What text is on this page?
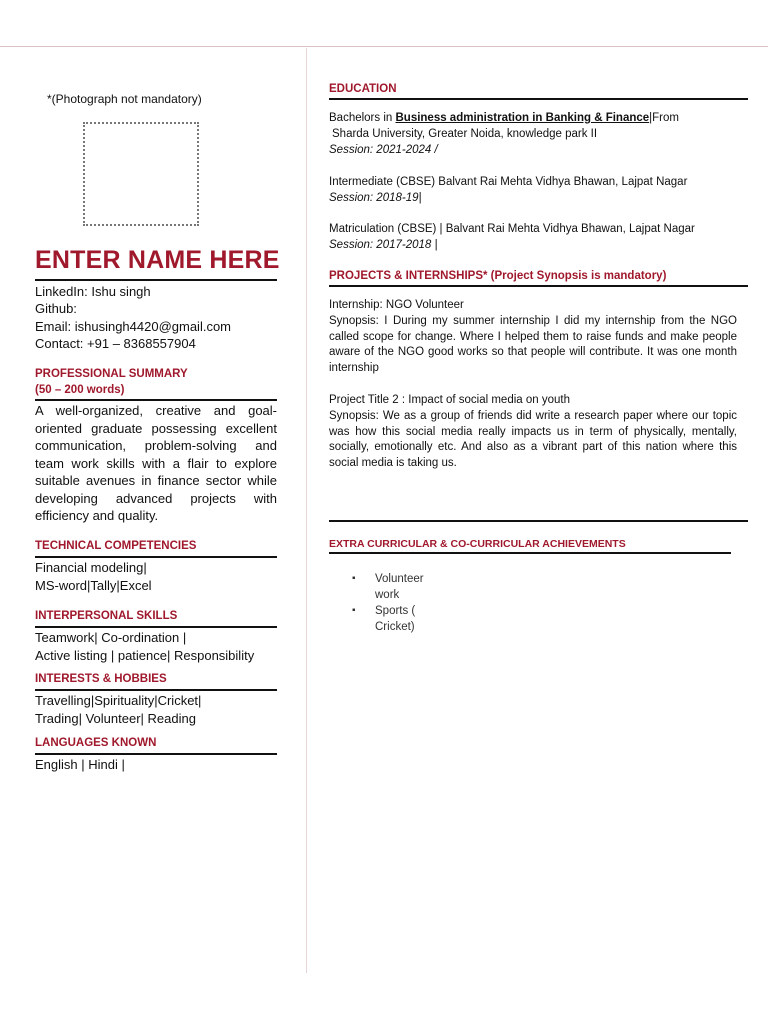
*(Photograph not mandatory)
ENTER NAME HERE
LinkedIn: Ishu singh
Github:
Email: ishusingh4420@gmail.com
Contact: +91 – 8368557904
PROFESSIONAL SUMMARY
(50 – 200 words)
A well-organized, creative and goal-oriented graduate possessing excellent communication, problem-solving and team work skills with a flair to explore suitable avenues in finance sector while developing advanced projects with efficiency and quality.
TECHNICAL COMPETENCIES
Financial modeling|
MS-word|Tally|Excel
INTERPERSONAL SKILLS
Teamwork| Co-ordination |
Active listing | patience| Responsibility
INTERESTS & HOBBIES
Travelling|Spirituality|Cricket|
Trading| Volunteer| Reading
LANGUAGES KNOWN
English | Hindi |
EDUCATION
Bachelors in Business administration in Banking & Finance|From
Sharda University, Greater Noida, knowledge park II
Session: 2021-2024 /
Intermediate (CBSE) Balvant Rai Mehta Vidhya Bhawan, Lajpat Nagar
Session: 2018-19|
Matriculation (CBSE) | Balvant Rai Mehta Vidhya Bhawan, Lajpat Nagar
Session: 2017-2018 |
PROJECTS & INTERNSHIPS* (Project Synopsis is mandatory)
Internship: NGO Volunteer
Synopsis: I During my summer internship I did my internship from the NGO called scope for change. Where I helped them to raise funds and make people aware of the NGO good works so that people will contribute. It was one month internship
Project Title 2 : Impact of social media on youth
Synopsis: We as a group of friends did write a research paper where our topic was how this social media really impacts us in term of physically, mentally, socially, emotionally etc. And also as a vibrant part of this nation where this social media is taking us.
EXTRA CURRICULAR & CO-CURRICULAR ACHIEVEMENTS
▪ Volunteer work
▪ Sports ( Cricket)
